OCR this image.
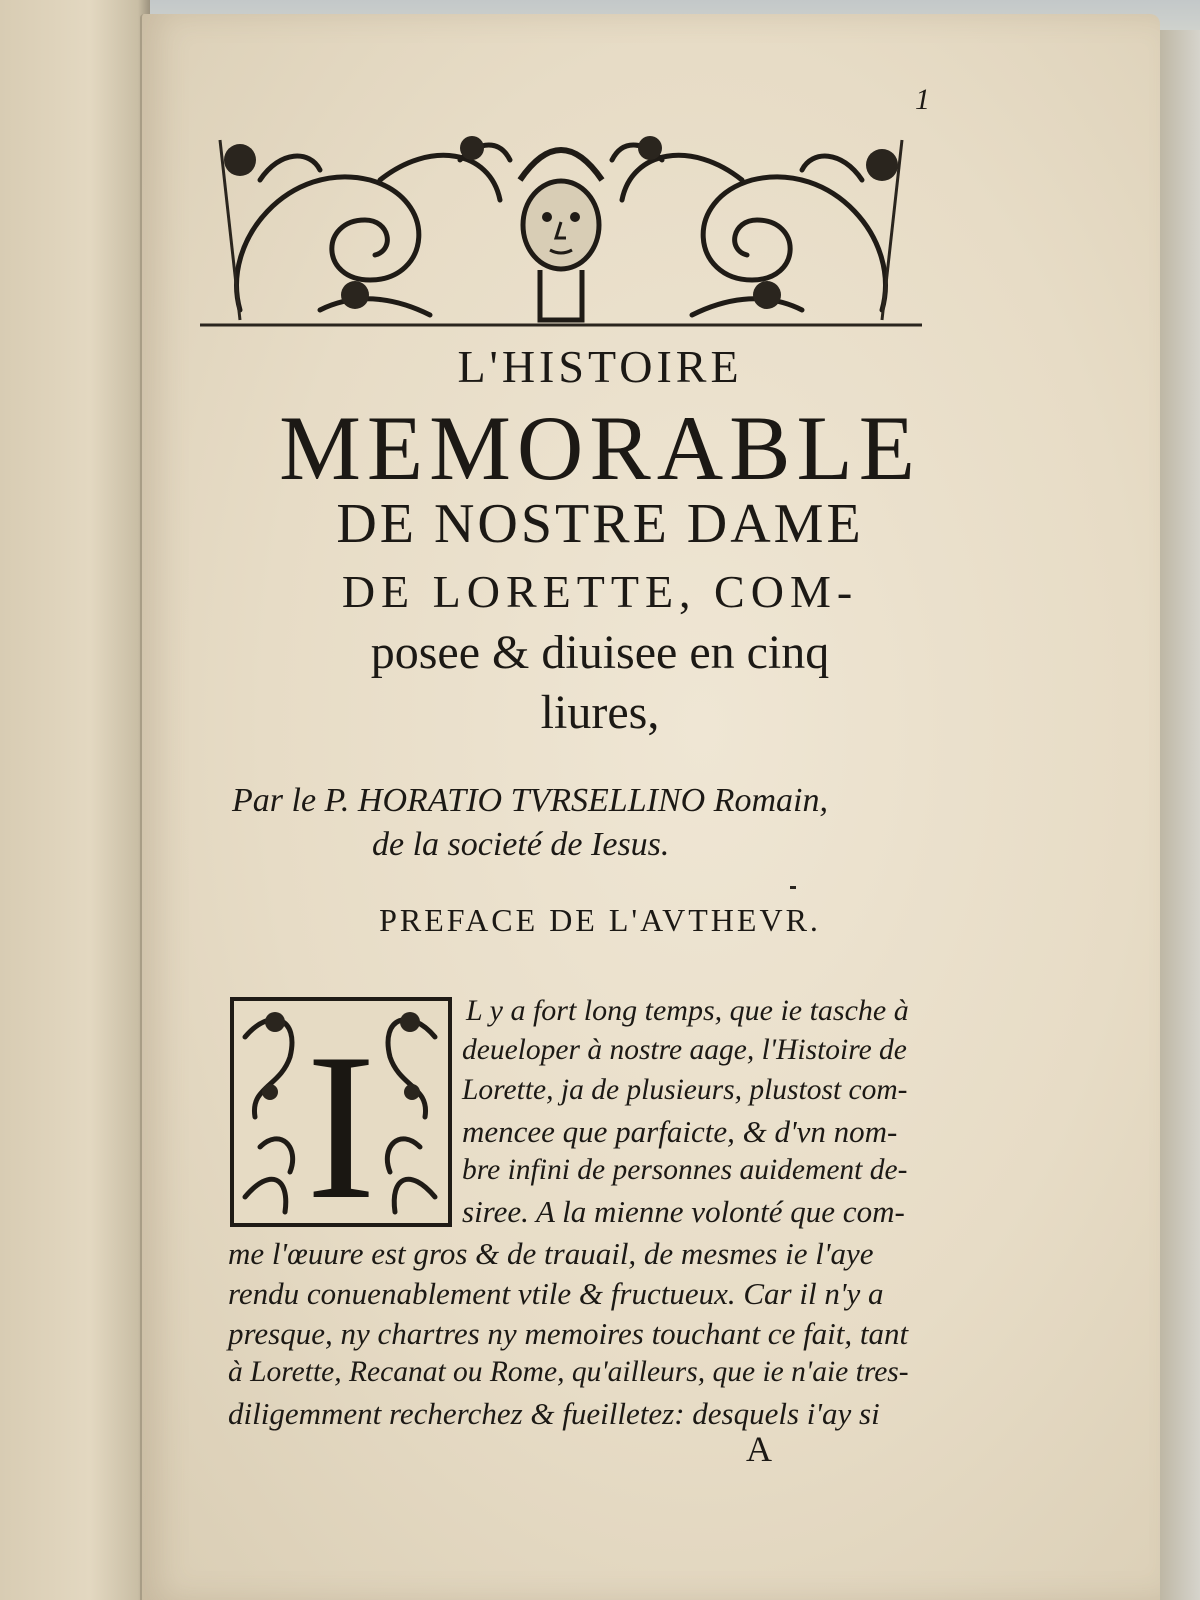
1
L'HISTOIRE
MEMORABLE
DE NOSTRE DAME
DE LORETTE, COM-
posee & diuisee en cinq
liures,
Par le P. HORATIO TVRSELLINO Romain,
de la societé de Iesus.
PREFACE DE L'AVTHEVR.
I
L y a fort long temps, que ie tasche à
deueloper à nostre aage, l'Histoire de
Lorette, ja de plusieurs, plustost com-
mencee que parfaicte, & d'vn nom-
bre infini de personnes auidement de-
siree. A la mienne volonté que com-
me l'œuure est gros & de trauail, de mesmes ie l'aye
rendu conuenablement vtile & fructueux. Car il n'y a
presque, ny chartres ny memoires touchant ce fait, tant
à Lorette, Recanat ou Rome, qu'ailleurs, que ie n'aie tres-
diligemment recherchez & fueilletez: desquels i'ay si
A
